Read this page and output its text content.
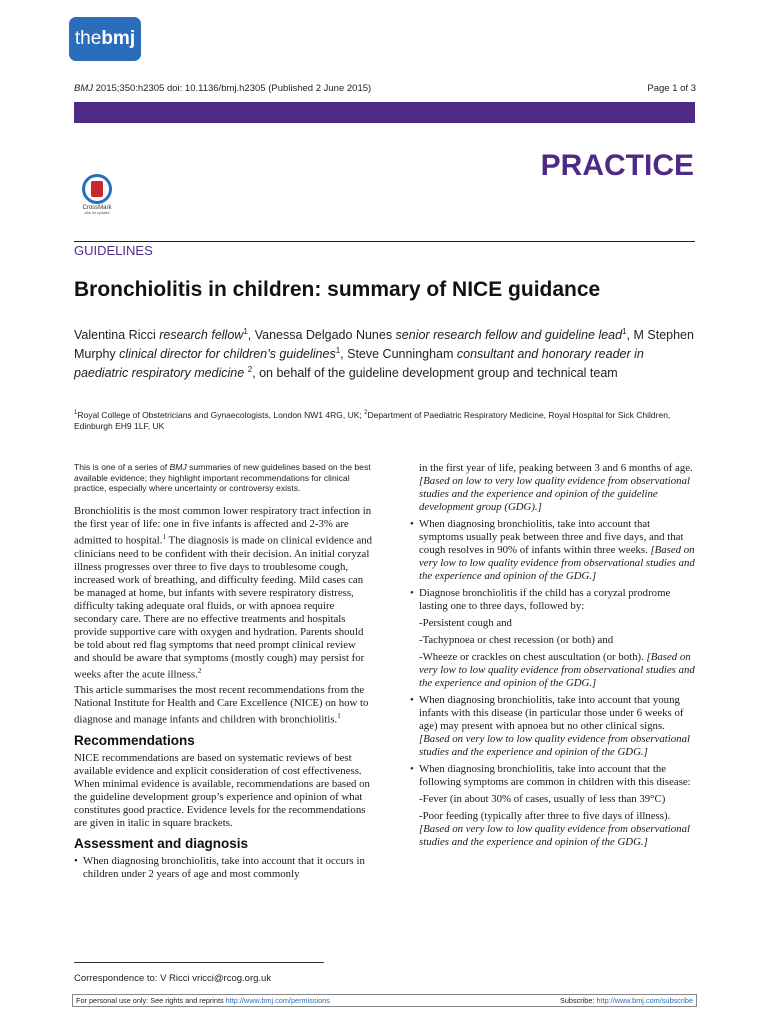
thebmj
BMJ 2015;350:h2305 doi: 10.1136/bmj.h2305 (Published 2 June 2015)	Page 1 of 3
PRACTICE
CrossMark
click for updates
GUIDELINES
Bronchiolitis in children: summary of NICE guidance
Valentina Ricci research fellow$^1$, Vanessa Delgado Nunes senior research fellow and guideline lead$^1$, M Stephen Murphy clinical director for children’s guidelines$^1$, Steve Cunningham consultant and honorary reader in paediatric respiratory medicine $^2$, on behalf of the guideline development group and technical team
$^1$Royal College of Obstetricians and Gynaecologists, London NW1 4RG, UK; $^2$Department of Paediatric Respiratory Medicine, Royal Hospital for Sick Children, Edinburgh EH9 1LF, UK
This is one of a series of BMJ summaries of new guidelines based on the best available evidence; they highlight important recommendations for clinical practice, especially where uncertainty or controversy exists.

Bronchiolitis is the most common lower respiratory tract infection in the first year of life: one in five infants is affected and 2-3% are admitted to hospital.$^1$ The diagnosis is made on clinical evidence and clinicians need to be confident with their decision. An initial coryzal illness progresses over three to five days to troublesome cough, increased work of breathing, and difficulty feeding. Mild cases can be managed at home, but infants with severe respiratory distress, difficulty taking adequate oral fluids, or with apnoea require secondary care. There are no effective treatments and hospitals provide supportive care with oxygen and hydration. Parents should be told about red flag symptoms that need prompt clinical review and should be aware that symptoms (mostly cough) may persist for weeks after the acute illness.$^2$

This article summarises the most recent recommendations from the National Institute for Health and Care Excellence (NICE) on how to diagnose and manage infants and children with bronchiolitis.$^1$

Recommendations

NICE recommendations are based on systematic reviews of best available evidence and explicit consideration of cost effectiveness. When minimal evidence is available, recommendations are based on the guideline development group’s experience and opinion of what constitutes good practice. Evidence levels for the recommendations are given in italic in square brackets.

Assessment and diagnosis
• When diagnosing bronchiolitis, take into account that it occurs in children under 2 years of age and most commonly
in the first year of life, peaking between 3 and 6 months of age. [Based on low to very low quality evidence from observational studies and the experience and opinion of the guideline development group (GDG).]
• When diagnosing bronchiolitis, take into account that symptoms usually peak between three and five days, and that cough resolves in 90% of infants within three weeks. [Based on very low to low quality evidence from observational studies and the experience and opinion of the GDG.]
• Diagnose bronchiolitis if the child has a coryzal prodrome lasting one to three days, followed by:
-Persistent cough and
-Tachypnoea or chest recession (or both) and
-Wheeze or crackles on chest auscultation (or both). [Based on very low to low quality evidence from observational studies and the experience and opinion of the GDG.]
• When diagnosing bronchiolitis, take into account that young infants with this disease (in particular those under 6 weeks of age) may present with apnoea but no other clinical signs. [Based on very low to low quality evidence from observational studies and the experience and opinion of the GDG.]
• When diagnosing bronchiolitis, take into account that the following symptoms are common in children with this disease:
-Fever (in about 30% of cases, usually of less than 39°C)
-Poor feeding (typically after three to five days of illness). [Based on very low to low quality evidence from observational studies and the experience and opinion of the GDG.]
Correspondence to: V Ricci vricci@rcog.org.uk
For personal use only: See rights and reprints http://www.bmj.com/permissions	Subscribe: http://www.bmj.com/subscribe
